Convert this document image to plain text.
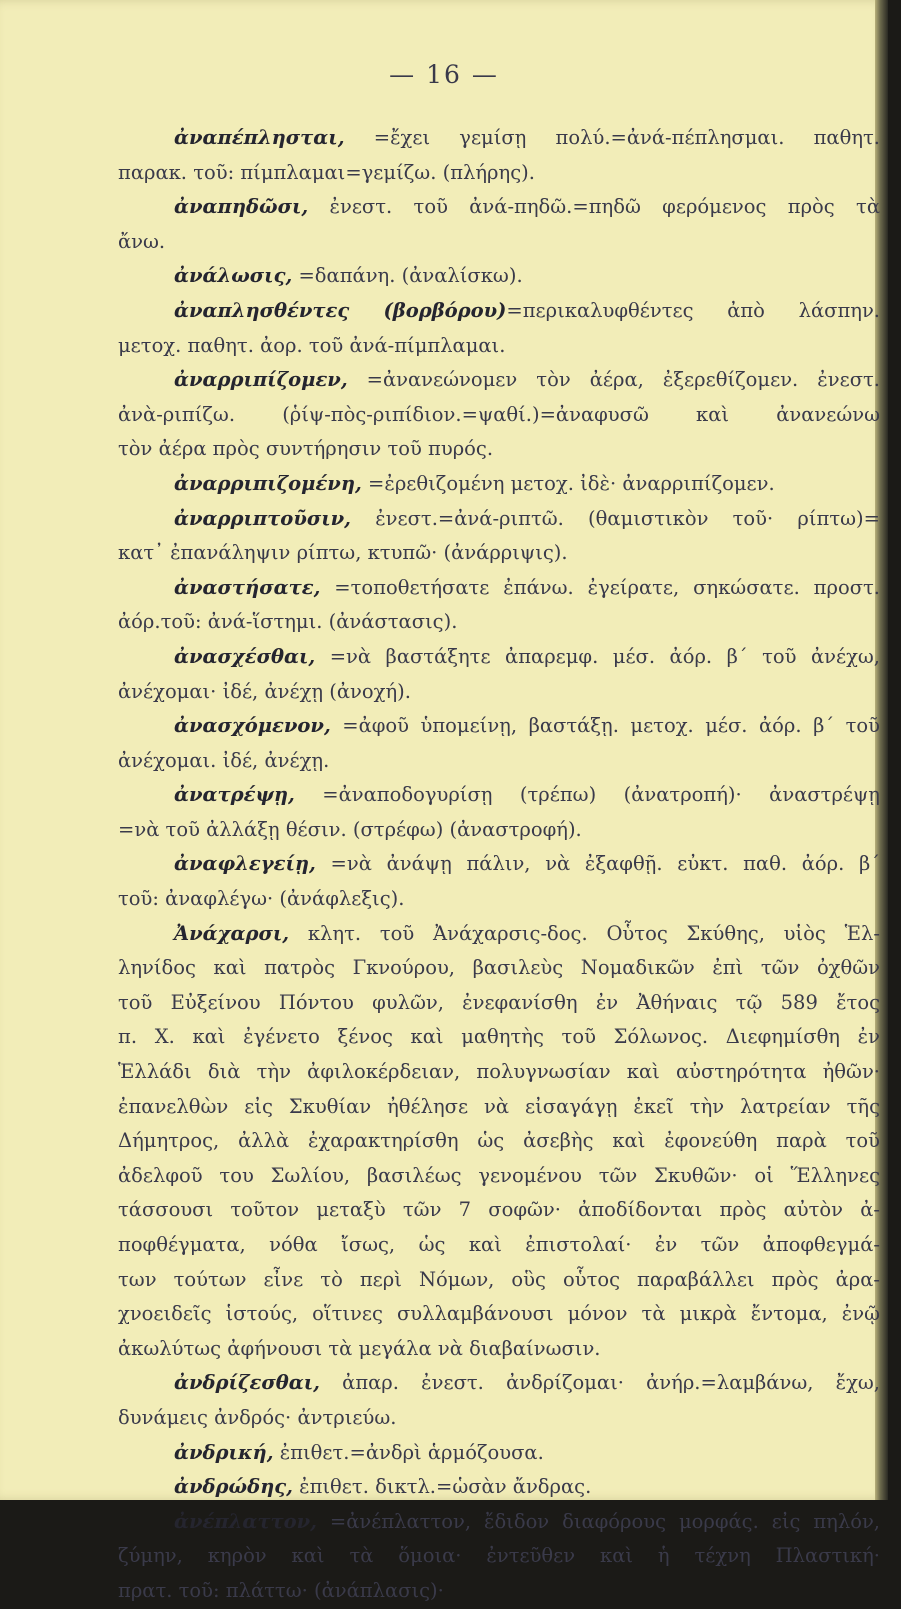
— 16 —
ἀναπέπλησται, =ἔχει γεμίσῃ πολύ.=ἀνά-πέπλησμαι. παθητ.
παρακ. τοῦ: πίμπλαμαι=γεμίζω. (πλήρης).
ἀναπηδῶσι, ἐνεστ. τοῦ ἀνά-πηδῶ.=πηδῶ φερόμενος πρὸς τὰ
ἄνω.
ἀνάλωσις, =δαπάνη. (ἀναλίσκω).
ἀναπλησθέντες (βορβόρου)=περικαλυφθέντες ἀπὸ λάσπην.
μετοχ. παθητ. ἀορ. τοῦ ἀνά-πίμπλαμαι.
ἀναρριπίζομεν, =ἀνανεώνομεν τὸν ἀέρα, ἐξερεθίζομεν. ἐνεστ.
ἀνὰ-ριπίζω. (ῥίψ-πὸς-ριπίδιον.=ψαθί.)=ἀναφυσῶ καὶ ἀνανεώνω
τὸν ἀέρα πρὸς συντήρησιν τοῦ πυρός.
ἀναρριπιζομένη, =ἐρεθιζομένη μετοχ. ἰδὲ· ἀναρριπίζομεν.
ἀναρριπτοῦσιν, ἐνεστ.=ἀνά-ριπτῶ. (θαμιστικὸν τοῦ· ρίπτω)=
κατ᾽ ἐπανάληψιν ρίπτω, κτυπῶ· (ἀνάρριψις).
ἀναστήσατε, =τοποθετήσατε ἐπάνω. ἐγείρατε, σηκώσατε. προστ.
ἀόρ.τοῦ: ἀνά-ἵστημι. (ἀνάστασις).
ἀνασχέσθαι, =νὰ βαστάξητε ἀπαρεμφ. μέσ. ἀόρ. β΄ τοῦ ἀνέχω,
ἀνέχομαι· ἰδέ, ἀνέχῃ (ἀνοχή).
ἀνασχόμενον, =ἀφοῦ ὑπομείνῃ, βαστάξῃ. μετοχ. μέσ. ἀόρ. β΄ τοῦ
ἀνέχομαι. ἰδέ, ἀνέχῃ.
ἀνατρέψῃ, =ἀναποδογυρίσῃ (τρέπω) (ἀνατροπή)· ἀναστρέψῃ
=νὰ τοῦ ἀλλάξῃ θέσιν. (στρέφω) (ἀναστροφή).
ἀναφλεγείῃ, =νὰ ἀνάψῃ πάλιν, νὰ ἐξαφθῇ. εὐκτ. παθ. ἀόρ. β΄
τοῦ: ἀναφλέγω· (ἀνάφλεξις).
Ἀνάχαρσι, κλητ. τοῦ Ἀνάχαρσις-δος. Οὗτος Σκύθης, υἱὸς Ἑλ-
ληνίδος καὶ πατρὸς Γκνούρου, βασιλεὺς Νομαδικῶν ἐπὶ τῶν ὀχθῶν
τοῦ Εὐξείνου Πόντου φυλῶν, ἐνεφανίσθη ἐν Ἀθήναις τῷ 589 ἔτος
π. Χ. καὶ ἐγένετο ξένος καὶ μαθητὴς τοῦ Σόλωνος. Διεφημίσθη ἐν
Ἑλλάδι διὰ τὴν ἀφιλοκέρδειαν, πολυγνωσίαν καὶ αὐστηρότητα ἠθῶν·
ἐπανελθὼν εἰς Σκυθίαν ἠθέλησε νὰ εἰσαγάγῃ ἐκεῖ τὴν λατρείαν τῆς
Δήμητρος, ἀλλὰ ἐχαρακτηρίσθη ὡς ἀσεβὴς καὶ ἐφονεύθη παρὰ τοῦ
ἀδελφοῦ του Σωλίου, βασιλέως γενομένου τῶν Σκυθῶν· οἱ Ἕλληνες
τάσσουσι τοῦτον μεταξὺ τῶν 7 σοφῶν· ἀποδίδονται πρὸς αὐτὸν ἀ-
ποφθέγματα, νόθα ἴσως, ὡς καὶ ἐπιστολαί· ἐν τῶν ἀποφθεγμά-
των τούτων εἶνε τὸ περὶ Νόμων, οὓς οὗτος παραβάλλει πρὸς ἀρα-
χνοειδεῖς ἱστούς, οἵτινες συλλαμβάνουσι μόνον τὰ μικρὰ ἔντομα, ἐνῷ
ἀκωλύτως ἀφήνουσι τὰ μεγάλα νὰ διαβαίνωσιν.
ἀνδρίζεσθαι, ἀπαρ. ἐνεστ. ἀνδρίζομαι· ἀνήρ.=λαμβάνω, ἔχω,
δυνάμεις ἀνδρός· ἀντριεύω.
ἀνδρική, ἐπιθετ.=ἀνδρὶ ἁρμόζουσα.
ἀνδρώδης, ἐπιθετ. δικτλ.=ὡσὰν ἄνδρας.
ἀνέπλαττον, =ἀνέπλαττον, ἔδιδον διαφόρους μορφάς. εἰς πηλόν,
ζύμην, κηρὸν καὶ τὰ ὅμοια· ἐντεῦθεν καὶ ἡ τέχνη Πλαστική·
πρατ. τοῦ: πλάττω· (ἀνάπλασις)·
